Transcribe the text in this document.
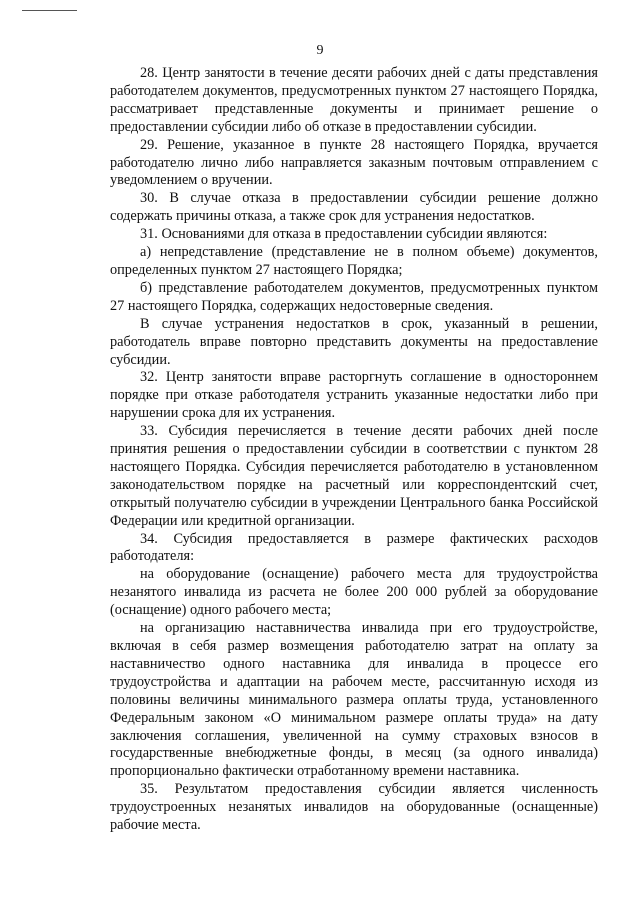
9

28. Центр занятости в течение десяти рабочих дней с даты представления работодателем документов, предусмотренных пунктом 27 настоящего Порядка, рассматривает представленные документы и принимает решение о предоставлении субсидии либо об отказе в предоставлении субсидии.

29. Решение, указанное в пункте 28 настоящего Порядка, вручается работодателю лично либо направляется заказным почтовым отправлением с уведомлением о вручении.

30. В случае отказа в предоставлении субсидии решение должно содержать причины отказа, а также срок для устранения недостатков.

31. Основаниями для отказа в предоставлении субсидии являются:

а) непредставление (представление не в полном объеме) документов, определенных пунктом 27 настоящего Порядка;

б) представление работодателем документов, предусмотренных пунктом 27 настоящего Порядка, содержащих недостоверные сведения.

В случае устранения недостатков в срок, указанный в решении, работодатель вправе повторно представить документы на предоставление субсидии.

32. Центр занятости вправе расторгнуть соглашение в одностороннем порядке при отказе работодателя устранить указанные недостатки либо при нарушении срока для их устранения.

33. Субсидия перечисляется в течение десяти рабочих дней после принятия решения о предоставлении субсидии в соответствии с пунктом 28 настоящего Порядка. Субсидия перечисляется работодателю в установленном законодательством порядке на расчетный или корреспондентский счет, открытый получателю субсидии в учреждении Центрального банка Российской Федерации или кредитной организации.

34. Субсидия предоставляется в размере фактических расходов работодателя:

на оборудование (оснащение) рабочего места для трудоустройства незанятого инвалида из расчета не более 200 000 рублей за оборудование (оснащение) одного рабочего места;

на организацию наставничества инвалида при его трудоустройстве, включая в себя размер возмещения работодателю затрат на оплату за наставничество одного наставника для инвалида в процессе его трудоустройства и адаптации на рабочем месте, рассчитанную исходя из половины величины минимального размера оплаты труда, установленного Федеральным законом «О минимальном размере оплаты труда» на дату заключения соглашения, увеличенной на сумму страховых взносов в государственные внебюджетные фонды, в месяц (за одного инвалида) пропорционально фактически отработанному времени наставника.

35. Результатом предоставления субсидии является численность трудоустроенных незанятых инвалидов на оборудованные (оснащенные) рабочие места.
